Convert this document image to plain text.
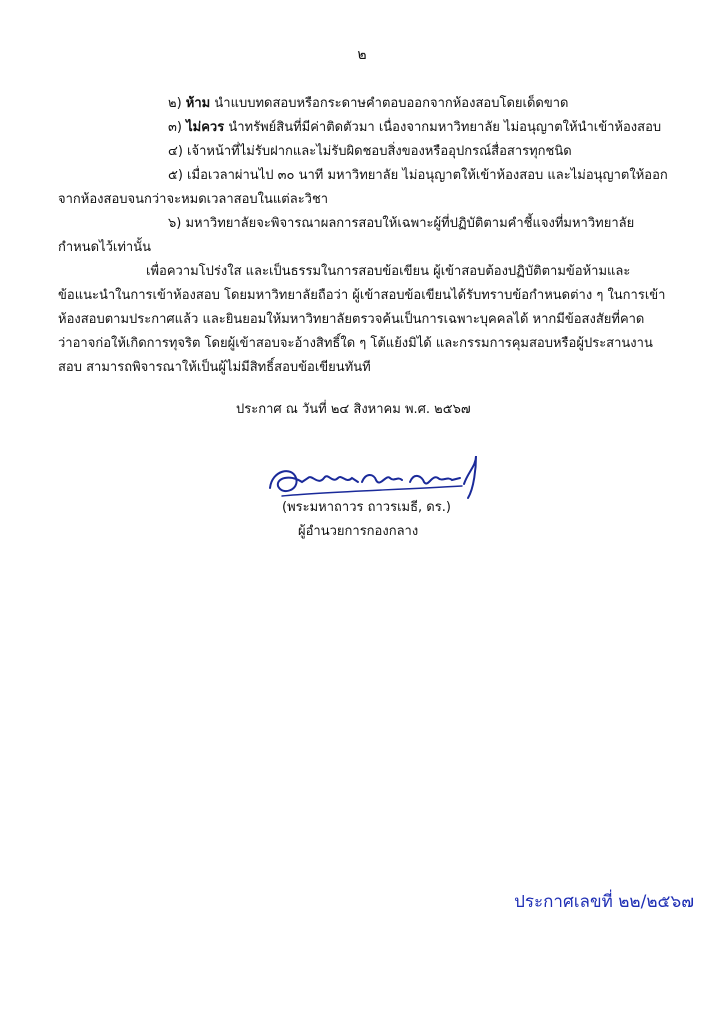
๒
๒) ห้าม นำแบบทดสอบหรือกระดาษคำตอบออกจากห้องสอบโดยเด็ดขาด
๓) ไม่ควร นำทรัพย์สินที่มีค่าติดตัวมา เนื่องจากมหาวิทยาลัย ไม่อนุญาตให้นำเข้าห้องสอบ
๔) เจ้าหน้าที่ไม่รับฝากและไม่รับผิดชอบสิ่งของหรืออุปกรณ์สื่อสารทุกชนิด
๕) เมื่อเวลาผ่านไป ๓๐ นาที มหาวิทยาลัย ไม่อนุญาตให้เข้าห้องสอบ และไม่อนุญาตให้ออก
จากห้องสอบจนกว่าจะหมดเวลาสอบในแต่ละวิชา
๖) มหาวิทยาลัยจะพิจารณาผลการสอบให้เฉพาะผู้ที่ปฏิบัติตามคำชี้แจงที่มหาวิทยาลัย
กำหนดไว้เท่านั้น
เพื่อความโปร่งใส และเป็นธรรมในการสอบข้อเขียน ผู้เข้าสอบต้องปฏิบัติตามข้อห้ามและ
ข้อแนะนำในการเข้าห้องสอบ โดยมหาวิทยาลัยถือว่า ผู้เข้าสอบข้อเขียนได้รับทราบข้อกำหนดต่าง ๆ ในการเข้า
ห้องสอบตามประกาศแล้ว และยินยอมให้มหาวิทยาลัยตรวจค้นเป็นการเฉพาะบุคคลได้ หากมีข้อสงสัยที่คาด
ว่าอาจก่อให้เกิดการทุจริต โดยผู้เข้าสอบจะอ้างสิทธิ์ใด ๆ โต้แย้งมิได้ และกรรมการคุมสอบหรือผู้ประสานงาน
สอบ สามารถพิจารณาให้เป็นผู้ไม่มีสิทธิ์สอบข้อเขียนทันที
ประกาศ ณ วันที่ ๒๔ สิงหาคม พ.ศ. ๒๕๖๗
(พระมหาถาวร ถาวรเมธี, ดร.)
ผู้อำนวยการกองกลาง
ประกาศเลขที่ ๒๒/๒๕๖๗
